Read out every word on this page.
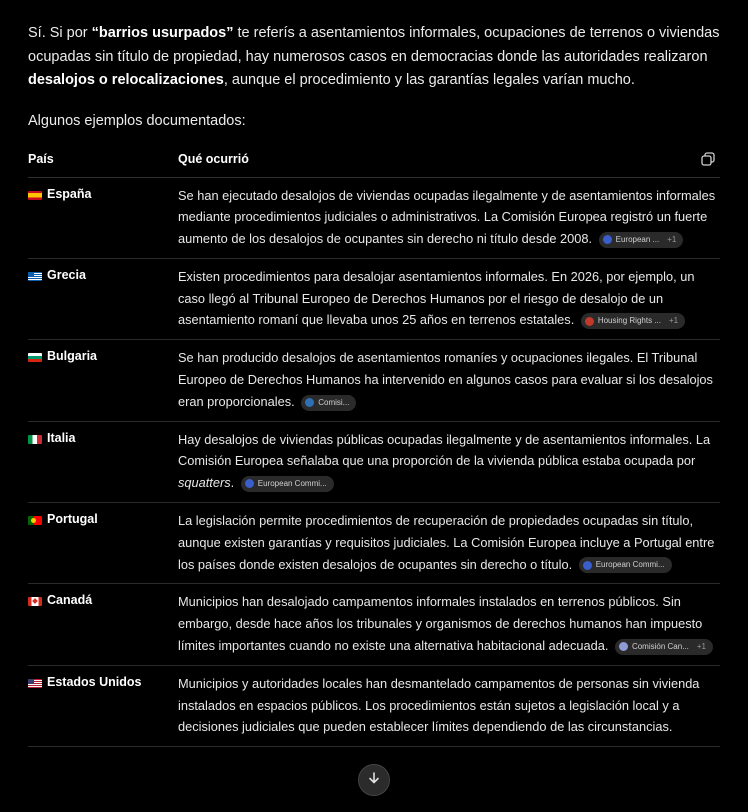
Sí. Si por “barrios usurpados” te referís a asentamientos informales, ocupaciones de terrenos o viviendas ocupadas sin título de propiedad, hay numerosos casos en democracias donde las autoridades realizaron desalojos o relocalizaciones, aunque el procedimiento y las garantías legales varían mucho.

Algunos ejemplos documentados:

País	Qué ocurrió
España	Se han ejecutado desalojos de viviendas ocupadas ilegalmente y de asentamientos informales mediante procedimientos judiciales o administrativos. La Comisión Europea registró un fuerte aumento de los desalojos de ocupantes sin derecho ni título desde 2008.	European ... +1
Grecia	Existen procedimientos para desalojar asentamientos informales. En 2026, por ejemplo, un caso llegó al Tribunal Europeo de Derechos Humanos por el riesgo de desalojo de un asentamiento romaní que llevaba unos 25 años en terrenos estatales.	Housing Rights ... +1
Bulgaria	Se han producido desalojos de asentamientos romaníes y ocupaciones ilegales. El Tribunal Europeo de Derechos Humanos ha intervenido en algunos casos para evaluar si los desalojos eran proporcionales.	Comisi...
Italia	Hay desalojos de viviendas públicas ocupadas ilegalmente y de asentamientos informales. La Comisión Europea señalaba que una proporción de la vivienda pública estaba ocupada por squatters.	European Commi...
Portugal	La legislación permite procedimientos de recuperación de propiedades ocupadas sin título, aunque existen garantías y requisitos judiciales. La Comisión Europea incluye a Portugal entre los países donde existen desalojos de ocupantes sin derecho o título.	European Commi...
Canadá	Municipios han desalojado campamentos informales instalados en terrenos públicos. Sin embargo, desde hace años los tribunales y organismos de derechos humanos han impuesto límites importantes cuando no existe una alternativa habitacional adecuada.	Comisión Can... +1
Estados Unidos	Municipios y autoridades locales han desmantelado campamentos de personas sin vivienda instalados en espacios públicos. Los procedimientos están sujetos a legislación local y a decisiones judiciales que pueden establecer límites dependiendo de las circunstancias.
